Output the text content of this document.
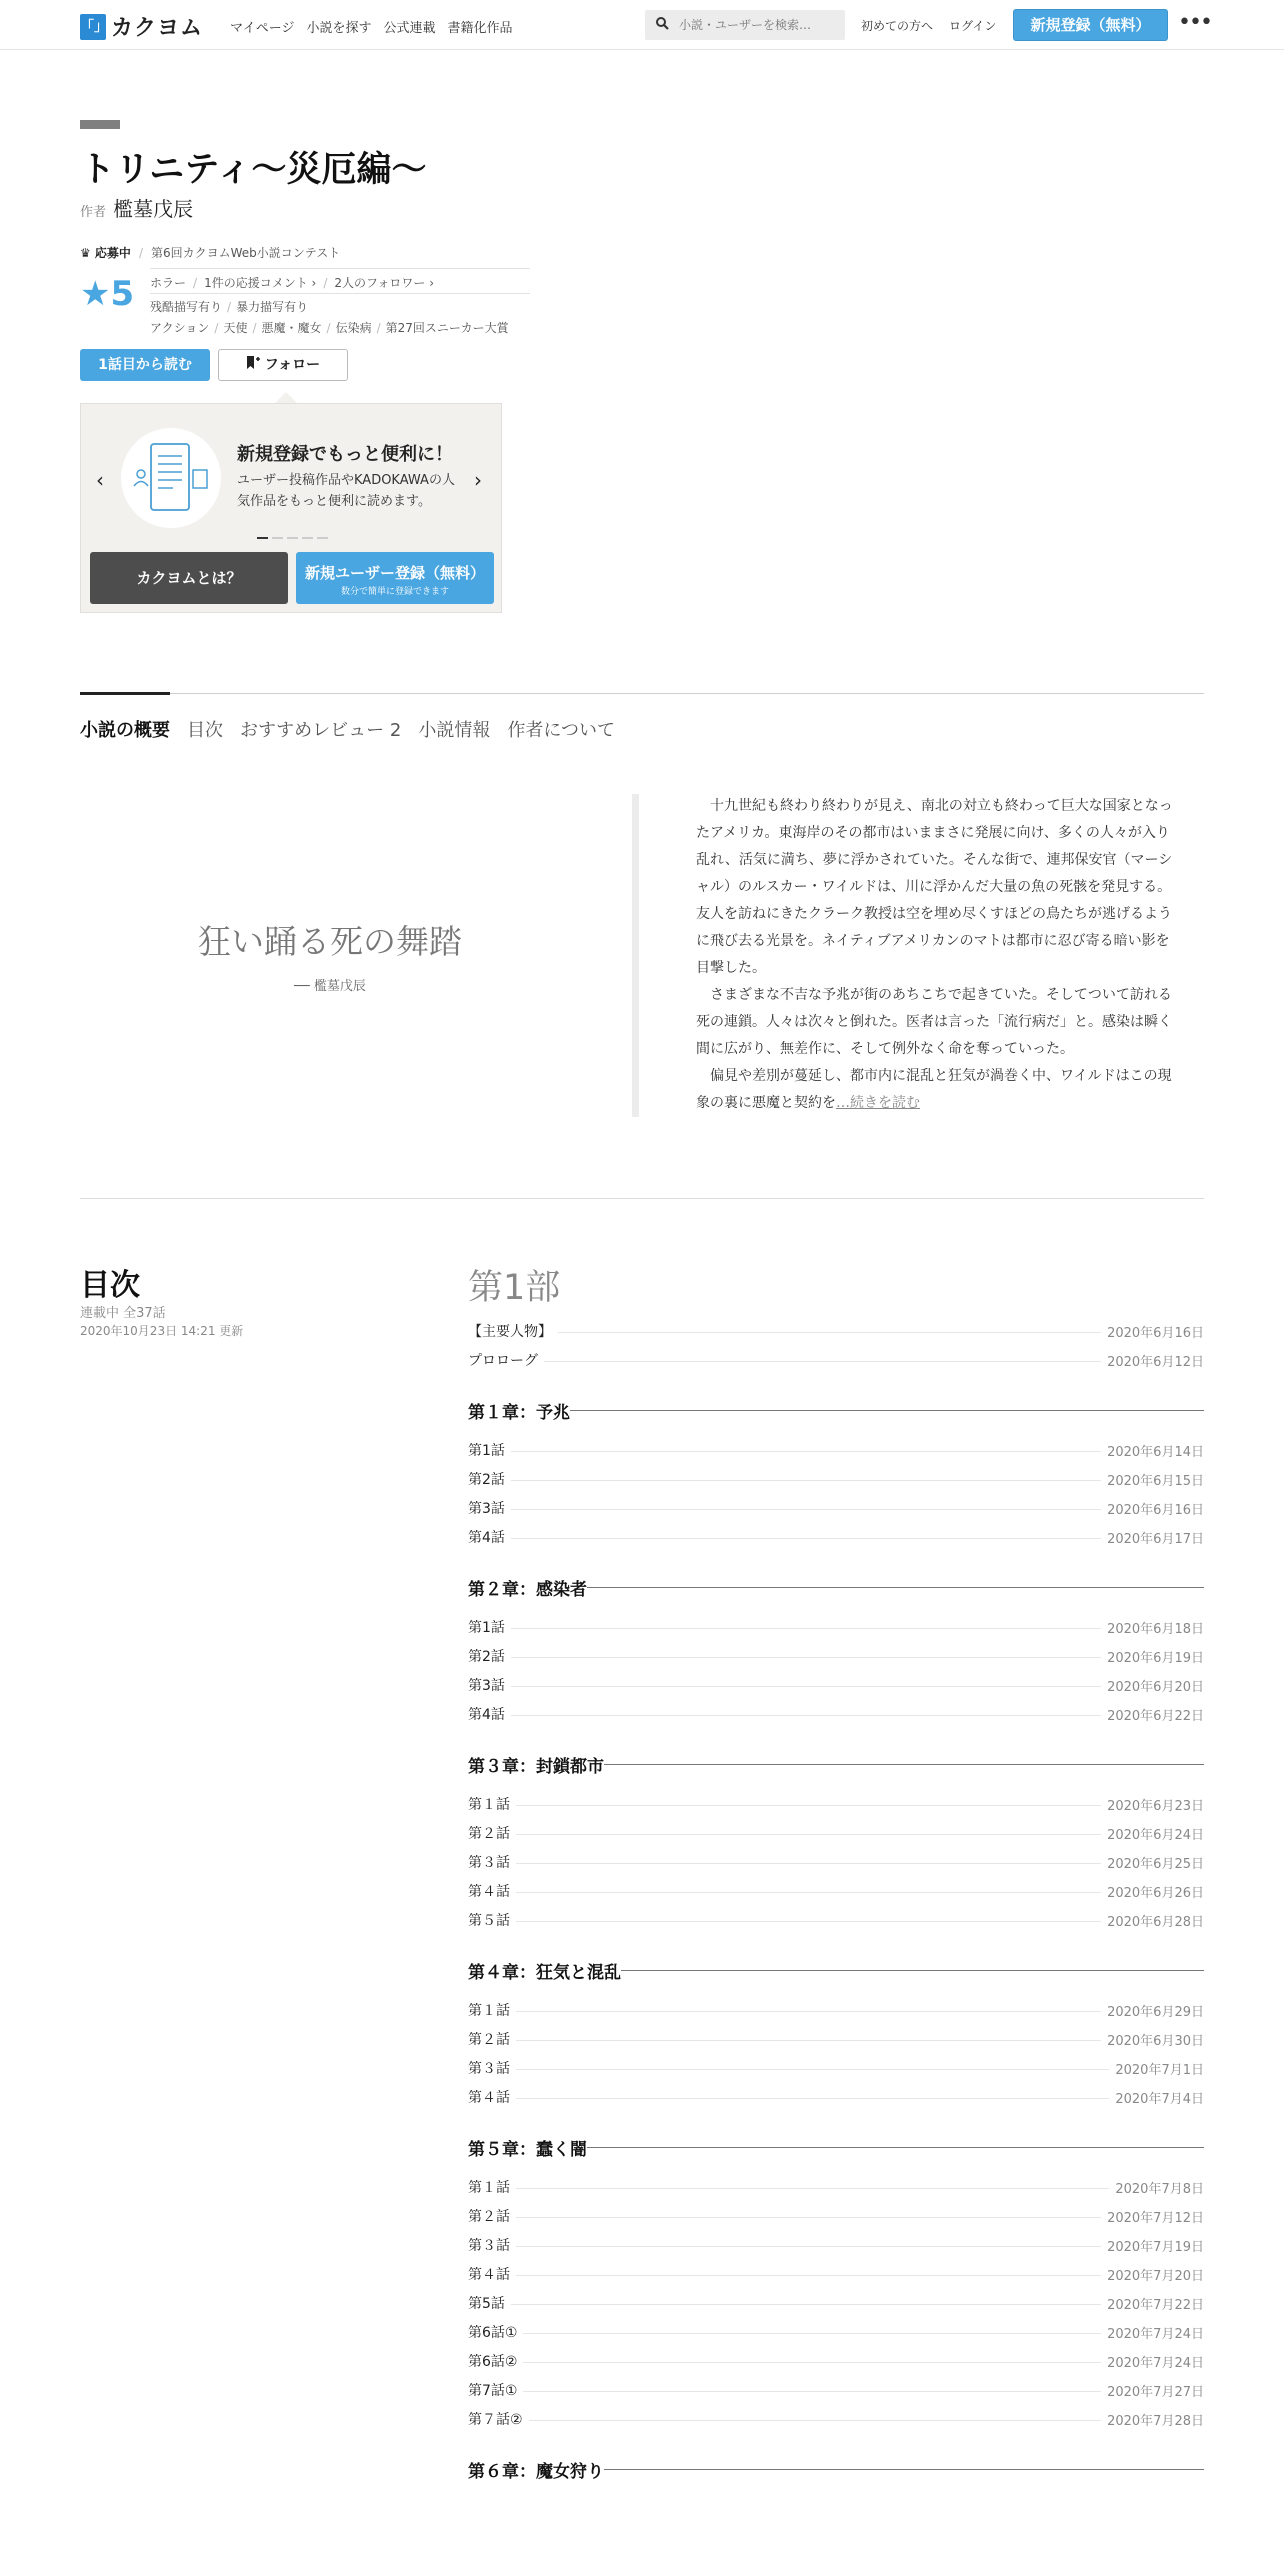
「」 カクヨム マイページ 小説を探す 公式連載 書籍化作品
小説・ユーザーを検索…	初めての方へ ログイン	新規登録（無料）	•••
トリニティ～災厄編～
作者 檻墓戊辰
♛ 応募中 / 第6回カクヨムWeb小説コンテスト
★5 ホラー / 1件の応援コメント › / 2人のフォロワー ›
残酷描写有り / 暴力描写有り
アクション / 天使 / 悪魔・魔女 / 伝染病 / 第27回スニーカー大賞
1話目から読む	フォロー
‹
新規登録でもっと便利に！
ユーザー投稿作品やKADOKAWAの人気作品をもっと便利に読めます。
›
カクヨムとは？	新規ユーザー登録（無料）
数分で簡単に登録できます
小説の概要 目次 おすすめレビュー 2 小説情報 作者について
狂い踊る死の舞踏
── 檻墓戊辰

十九世紀も終わり終わりが見え、南北の対立も終わって巨大な国家となったアメリカ。東海岸のその都市はいままさに発展に向け、多くの人々が入り乱れ、活気に満ち、夢に浮かされていた。そんな街で、連邦保安官（マーシャル）のルスカー・ワイルドは、川に浮かんだ大量の魚の死骸を発見する。友人を訪ねにきたクラーク教授は空を埋め尽くすほどの鳥たちが逃げるように飛び去る光景を。ネイティブアメリカンのマトは都市に忍び寄る暗い影を目撃した。

さまざまな不吉な予兆が街のあちこちで起きていた。そしてついて訪れる死の連鎖。人々は次々と倒れた。医者は言った「流行病だ」と。感染は瞬く間に広がり、無差作に、そして例外なく命を奪っていった。

偏見や差別が蔓延し、都市内に混乱と狂気が渦巻く中、ワイルドはこの現象の裏に悪魔と契約を…続きを読む

目次
連載中 全37話
2020年10月23日 14:21 更新
第1部
【主要人物】	2020年6月16日
プロローグ	2020年6月12日
第１章：予兆
第1話	2020年6月14日
第2話	2020年6月15日
第3話	2020年6月16日
第4話	2020年6月17日
第２章：感染者
第1話	2020年6月18日
第2話	2020年6月19日
第3話	2020年6月20日
第4話	2020年6月22日
第３章：封鎖都市
第１話	2020年6月23日
第２話	2020年6月24日
第３話	2020年6月25日
第４話	2020年6月26日
第５話	2020年6月28日
第４章：狂気と混乱
第１話	2020年6月29日
第２話	2020年6月30日
第３話	2020年7月1日
第４話	2020年7月4日
第５章：蠢く闇
第１話	2020年7月8日
第２話	2020年7月12日
第３話	2020年7月19日
第４話	2020年7月20日
第5話	2020年7月22日
第6話①	2020年7月24日
第6話②	2020年7月24日
第7話①	2020年7月27日
第７話②	2020年7月28日
第６章：魔女狩り
